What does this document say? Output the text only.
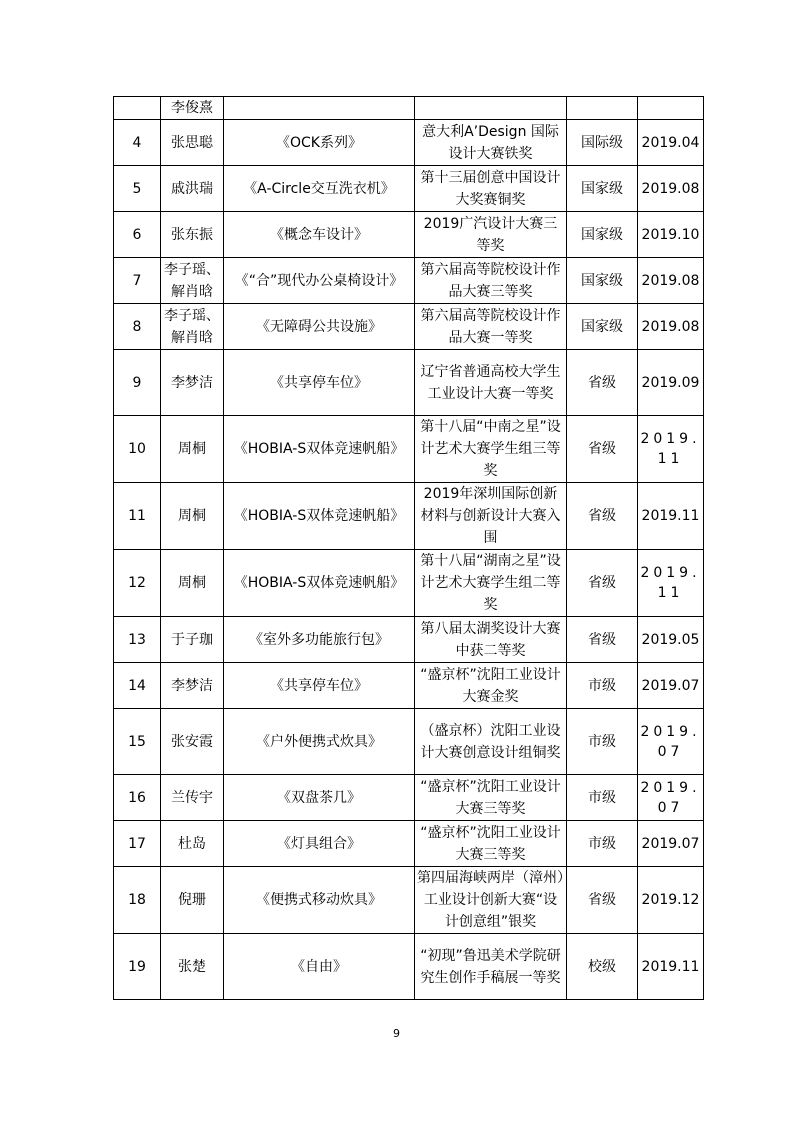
	李俊熹				
4	张思聪	《OCK系列》	意大利A’Design 国际设计大赛铁奖	国际级	2019.04
5	戚洪瑞	《A-Circle交互洗衣机》	第十三届创意中国设计大奖赛铜奖	国家级	2019.08
6	张东振	《概念车设计》	2019广汽设计大赛三等奖	国家级	2019.10
7	李子瑶、解肖晗	《“合”现代办公桌椅设计》	第六届高等院校设计作品大赛三等奖	国家级	2019.08
8	李子瑶、解肖晗	《无障碍公共设施》	第六届高等院校设计作品大赛一等奖	国家级	2019.08
9	李梦洁	《共享停车位》	辽宁省普通高校大学生工业设计大赛一等奖	省级	2019.09
10	周桐	《HOBIA-S双体竞速帆船》	第十八届“中南之星”设计艺术大赛学生组三等奖	省级	2019.11
11	周桐	《HOBIA-S双体竞速帆船》	2019年深圳国际创新材料与创新设计大赛入围	省级	2019.11
12	周桐	《HOBIA-S双体竞速帆船》	第十八届“湖南之星”设计艺术大赛学生组二等奖	省级	2019.11
13	于子珈	《室外多功能旅行包》	第八届太湖奖设计大赛中获二等奖	省级	2019.05
14	李梦洁	《共享停车位》	“盛京杯”沈阳工业设计大赛金奖	市级	2019.07
15	张安霞	《户外便携式炊具》	（盛京杯）沈阳工业设计大赛创意设计组铜奖	市级	2019.07
16	兰传宇	《双盘茶几》	“盛京杯”沈阳工业设计大赛三等奖	市级	2019.07
17	杜岛	《灯具组合》	“盛京杯”沈阳工业设计大赛三等奖	市级	2019.07
18	倪珊	《便携式移动炊具》	第四届海峡两岸（漳州）工业设计创新大赛“设计创意组”银奖	省级	2019.12
19	张楚	《自由》	“初现”鲁迅美术学院研究生创作手稿展一等奖	校级	2019.11
9
